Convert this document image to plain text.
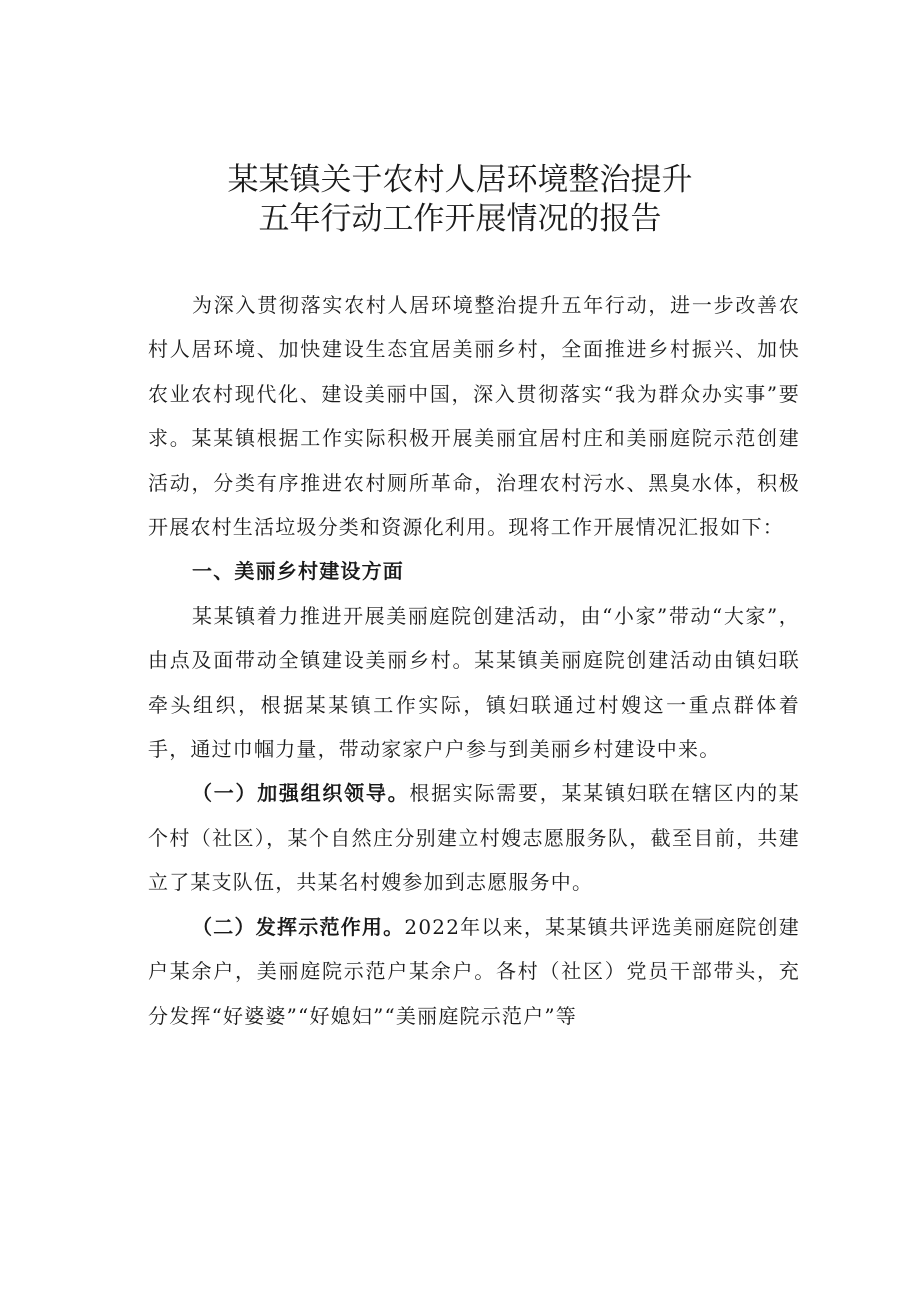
某某镇关于农村人居环境整治提升
五年行动工作开展情况的报告

为深入贯彻落实农村人居环境整治提升五年行动，进一步改善农村人居环境、加快建设生态宜居美丽乡村，全面推进乡村振兴、加快农业农村现代化、建设美丽中国，深入贯彻落实“我为群众办实事”要求。某某镇根据工作实际积极开展美丽宜居村庄和美丽庭院示范创建活动，分类有序推进农村厕所革命，治理农村污水、黑臭水体，积极开展农村生活垃圾分类和资源化利用。现将工作开展情况汇报如下：

一、美丽乡村建设方面

某某镇着力推进开展美丽庭院创建活动，由“小家”带动“大家”，由点及面带动全镇建设美丽乡村。某某镇美丽庭院创建活动由镇妇联牵头组织，根据某某镇工作实际，镇妇联通过村嫂这一重点群体着手，通过巾帼力量，带动家家户户参与到美丽乡村建设中来。

（一）加强组织领导。根据实际需要，某某镇妇联在辖区内的某个村（社区），某个自然庄分别建立村嫂志愿服务队，截至目前，共建立了某支队伍，共某名村嫂参加到志愿服务中。

（二）发挥示范作用。2022年以来，某某镇共评选美丽庭院创建户某余户，美丽庭院示范户某余户。各村（社区）党员干部带头，充分发挥“好婆婆”“好媳妇”“美丽庭院示范户”等
